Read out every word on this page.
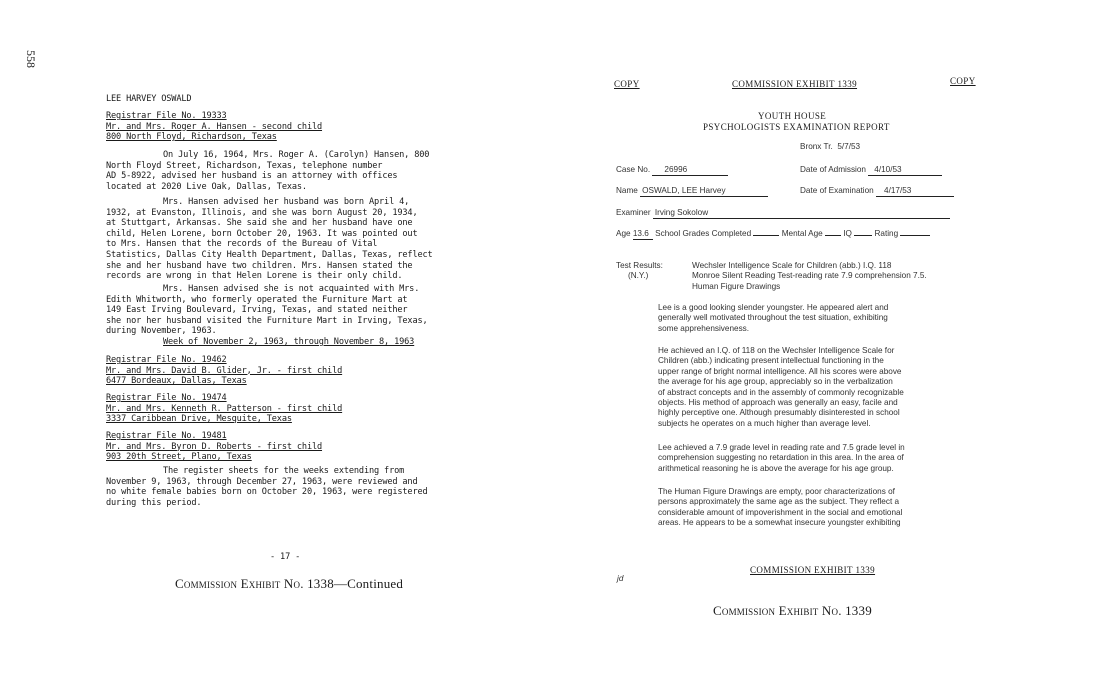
558
LEE HARVEY OSWALD
Registrar File No. 19333
Mr. and Mrs. Roger A. Hansen - second child
800 North Floyd, Richardson, Texas
On July 16, 1964, Mrs. Roger A. (Carolyn) Hansen, 800
North Floyd Street, Richardson, Texas, telephone number
AD 5-8922, advised her husband is an attorney with offices
located at 2020 Live Oak, Dallas, Texas.
Mrs. Hansen advised her husband was born April 4,
1932, at Evanston, Illinois, and she was born August 20, 1934,
at Stuttgart, Arkansas. She said she and her husband have one
child, Helen Lorene, born October 20, 1963. It was pointed out
to Mrs. Hansen that the records of the Bureau of Vital
Statistics, Dallas City Health Department, Dallas, Texas, reflect
she and her husband have two children. Mrs. Hansen stated the
records are wrong in that Helen Lorene is their only child.
Mrs. Hansen advised she is not acquainted with Mrs.
Edith Whitworth, who formerly operated the Furniture Mart at
149 East Irving Boulevard, Irving, Texas, and stated neither
she nor her husband visited the Furniture Mart in Irving, Texas,
during November, 1963.
Week of November 2, 1963, through November 8, 1963
Registrar File No. 19462
Mr. and Mrs. David B. Glider, Jr. - first child
6477 Bordeaux, Dallas, Texas
Registrar File No. 19474
Mr. and Mrs. Kenneth R. Patterson - first child
3337 Caribbean Drive, Mesquite, Texas
Registrar File No. 19481
Mr. and Mrs. Byron D. Roberts - first child
903 20th Street, Plano, Texas
The register sheets for the weeks extending from
November 9, 1963, through December 27, 1963, were reviewed and
no white female babies born on October 20, 1963, were registered
during this period.
- 17 -
Commission Exhibit No. 1338—Continued
COPY	COMMISSION EXHIBIT 1339	COPY
YOUTH HOUSE
PSYCHOLOGISTS EXAMINATION REPORT
Bronx Tr. 5/7/53
Case No. 26996	Date of Admission 4/10/53
Name OSWALD, LEE Harvey	Date of Examination 4/17/53
Examiner Irving Sokolow
Age 13.6 School Grades Completed	Mental Age	IQ	Rating
Test Results:
(N.Y.)
Wechsler Intelligence Scale for Children (abb.) I.Q. 118
Monroe Silent Reading Test-reading rate 7.9 comprehension 7.5.
Human Figure Drawings
Lee is a good looking slender youngster. He appeared alert and
generally well motivated throughout the test situation, exhibiting
some apprehensiveness.
He achieved an I.Q. of 118 on the Wechsler Intelligence Scale for
Children (abb.) indicating present intellectual functioning in the
upper range of bright normal intelligence. All his scores were above
the average for his age group, appreciably so in the verbalization
of abstract concepts and in the assembly of commonly recognizable
objects. His method of approach was generally an easy, facile and
highly perceptive one. Although presumably disinterested in school
subjects he operates on a much higher than average level.
Lee achieved a 7.9 grade level in reading rate and 7.5 grade level in
comprehension suggesting no retardation in this area. In the area of
arithmetical reasoning he is above the average for his age group.
The Human Figure Drawings are empty, poor characterizations of
persons approximately the same age as the subject. They reflect a
considerable amount of impoverishment in the social and emotional
areas. He appears to be a somewhat insecure youngster exhibiting
COMMISSION EXHIBIT 1339
jd
Commission Exhibit No. 1339
